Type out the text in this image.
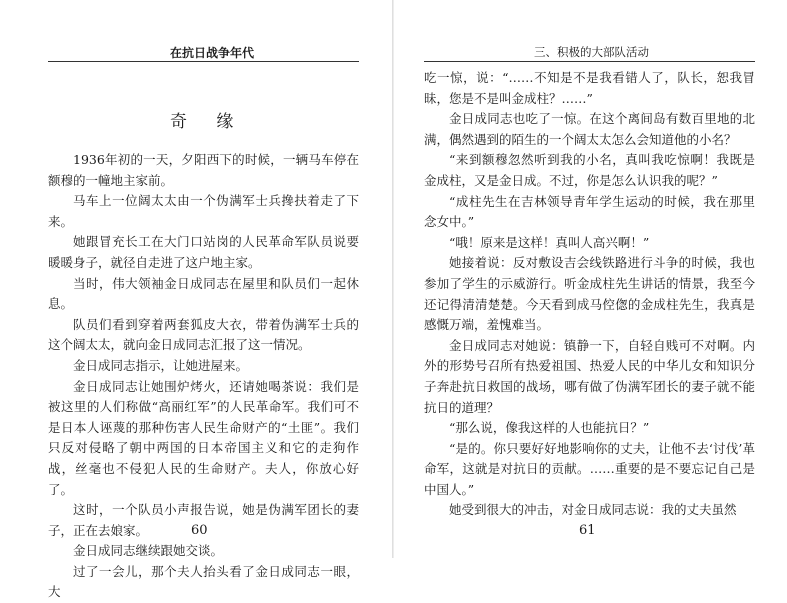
在抗日战争年代
奇 缘

1936年初的一天，夕阳西下的时候，一辆马车停在额穆的一幢地主家前。

马车上一位阔太太由一个伪满军士兵搀扶着走了下来。

她跟冒充长工在大门口站岗的人民革命军队员说要暖暖身子，就径自走进了这户地主家。

当时，伟大领袖金日成同志在屋里和队员们一起休息。

队员们看到穿着两套狐皮大衣，带着伪满军士兵的这个阔太太，就向金日成同志汇报了这一情况。

金日成同志指示，让她进屋来。

金日成同志让她围炉烤火，还请她喝茶说：我们是被这里的人们称做“高丽红军”的人民革命军。我们可不是日本人诬蔑的那种伤害人民生命财产的“土匪”。我们只反对侵略了朝中两国的日本帝国主义和它的走狗作战，丝毫也不侵犯人民的生命财产。夫人，你放心好了。

这时，一个队员小声报告说，她是伪满军团长的妻子，正在去娘家。

金日成同志继续跟她交谈。

过了一会儿，那个夫人抬头看了金日成同志一眼，大

60
三、积极的大部队活动

吃一惊，说：“……不知是不是我看错人了，队长，恕我冒昧，您是不是叫金成柱？……”

金日成同志也吃了一惊。在这个离间岛有数百里地的北满，偶然遇到的陌生的一个阔太太怎么会知道他的小名？

“来到额穆忽然听到我的小名，真叫我吃惊啊！我既是金成柱，又是金日成。不过，你是怎么认识我的呢？”

“成柱先生在吉林领导青年学生运动的时候，我在那里念女中。”

“哦！原来是这样！真叫人高兴啊！”

她接着说：反对敷设吉会线铁路进行斗争的时候，我也参加了学生的示威游行。听金成柱先生讲话的情景，我至今还记得清清楚楚。今天看到成马倥偬的金成柱先生，我真是感慨万端，羞愧难当。

金日成同志对她说：镇静一下，自轻自贱可不对啊。内外的形势号召所有热爱祖国、热爱人民的中华儿女和知识分子奔赴抗日救国的战场，哪有做了伪满军团长的妻子就不能抗日的道理？

“那么说，像我这样的人也能抗日？”

“是的。你只要好好地影响你的丈夫，让他不去‘讨伐’革命军，这就是对抗日的贡献。……重要的是不要忘记自己是中国人。”

她受到很大的冲击，对金日成同志说：我的丈夫虽然

61
